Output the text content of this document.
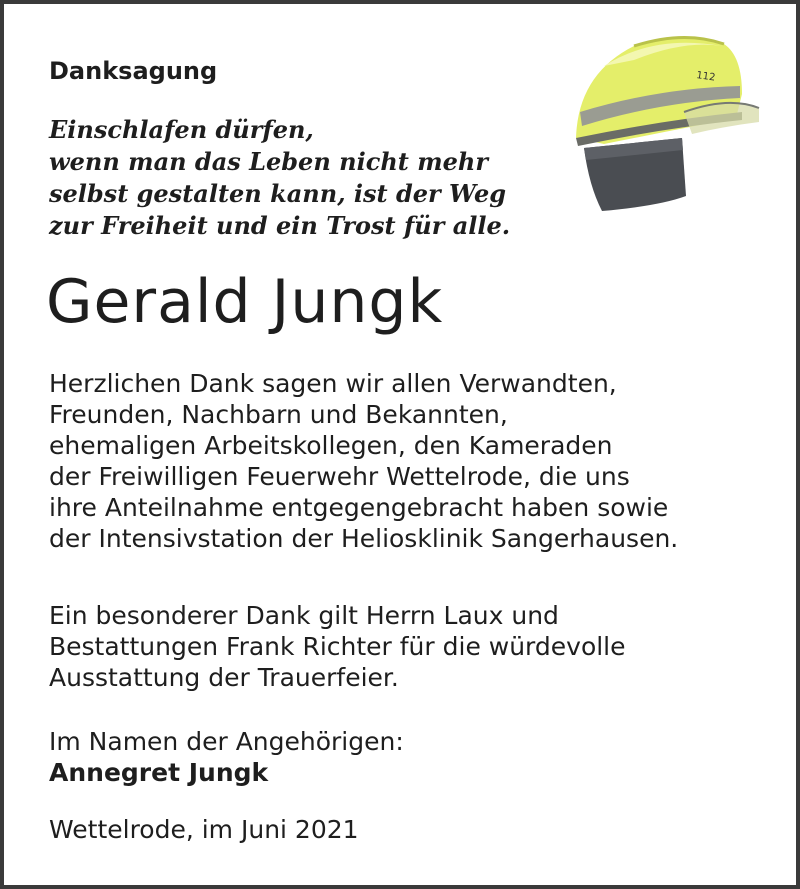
Danksagung
Einschlafen dürfen,
wenn man das Leben nicht mehr
selbst gestalten kann, ist der Weg
zur Freiheit und ein Trost für alle.
112
Gerald Jungk
Herzlichen Dank sagen wir allen Verwandten,
Freunden, Nachbarn und Bekannten,
ehemaligen Arbeitskollegen, den Kameraden
der Freiwilligen Feuerwehr Wettelrode, die uns
ihre Anteilnahme entgegengebracht haben sowie
der Intensivstation der Heliosklinik Sangerhausen.
Ein besonderer Dank gilt Herrn Laux und
Bestattungen Frank Richter für die würdevolle
Ausstattung der Trauerfeier.
Im Namen der Angehörigen:
Annegret Jungk
Wettelrode, im Juni 2021
